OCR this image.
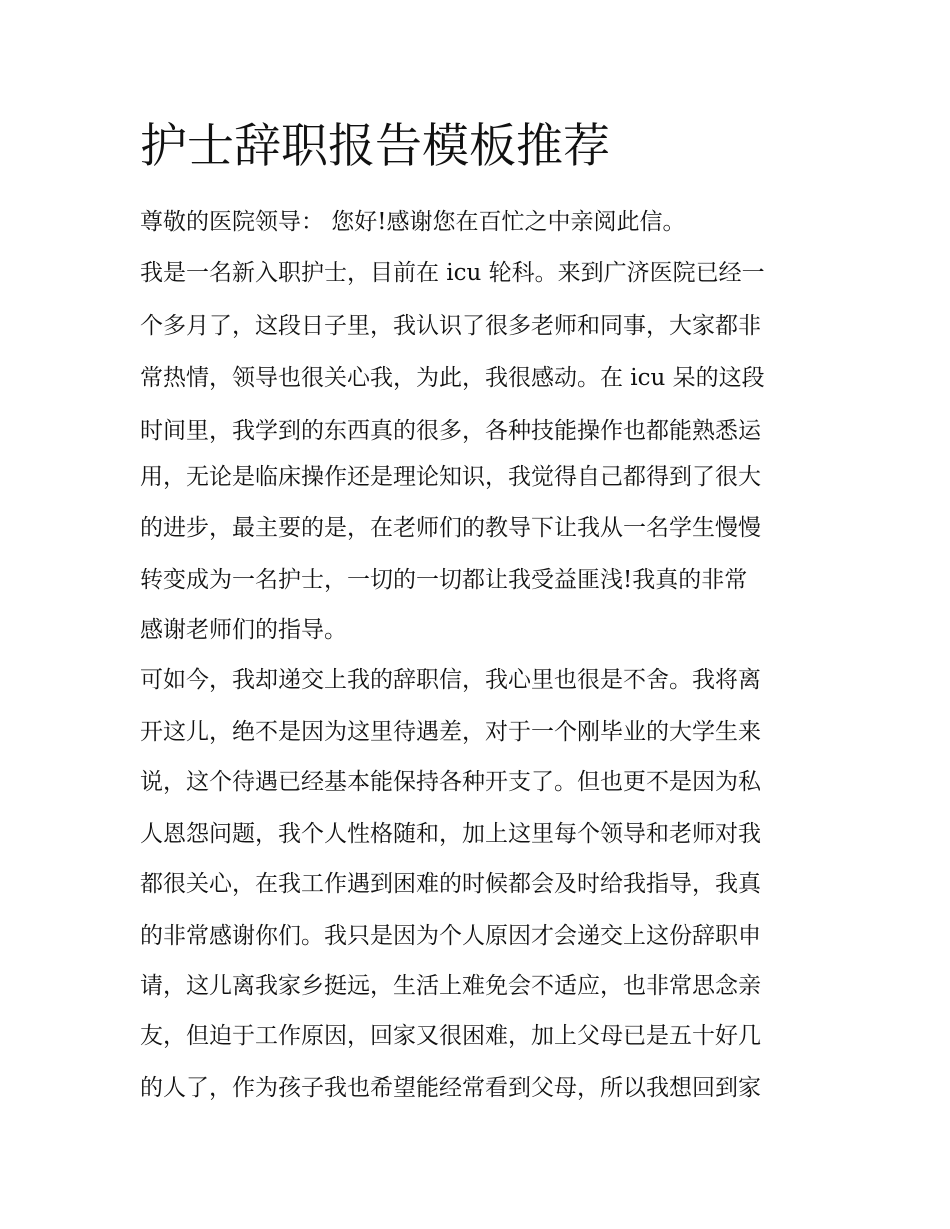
护士辞职报告模板推荐

尊敬的医院领导： 您好!感谢您在百忙之中亲阅此信。

我是一名新入职护士，目前在 icu 轮科。来到广济医院已经一

个多月了，这段日子里，我认识了很多老师和同事，大家都非

常热情，领导也很关心我，为此，我很感动。在 icu 呆的这段

时间里，我学到的东西真的很多，各种技能操作也都能熟悉运

用，无论是临床操作还是理论知识，我觉得自己都得到了很大

的进步，最主要的是，在老师们的教导下让我从一名学生慢慢

转变成为一名护士，一切的一切都让我受益匪浅!我真的非常

感谢老师们的指导。

可如今，我却递交上我的辞职信，我心里也很是不舍。我将离

开这儿，绝不是因为这里待遇差，对于一个刚毕业的大学生来

说，这个待遇已经基本能保持各种开支了。但也更不是因为私

人恩怨问题，我个人性格随和，加上这里每个领导和老师对我

都很关心，在我工作遇到困难的时候都会及时给我指导，我真

的非常感谢你们。我只是因为个人原因才会递交上这份辞职申

请，这儿离我家乡挺远，生活上难免会不适应，也非常思念亲

友，但迫于工作原因，回家又很困难，加上父母已是五十好几

的人了，作为孩子我也希望能经常看到父母，所以我想回到家
